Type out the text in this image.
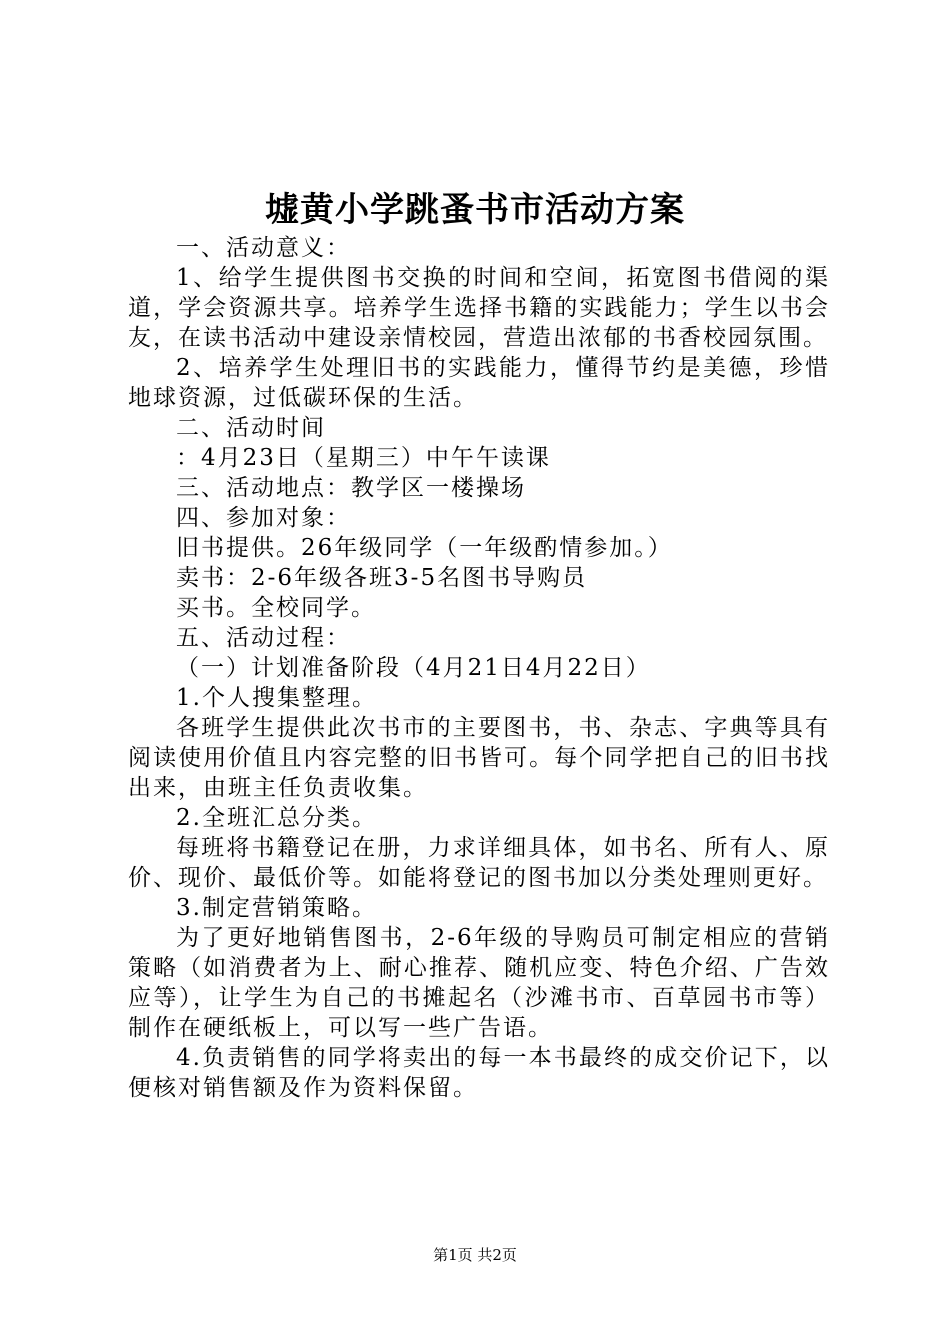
墟黄小学跳蚤书市活动方案

一、活动意义：

1、给学生提供图书交换的时间和空间，拓宽图书借阅的渠道，学会资源共享。培养学生选择书籍的实践能力；学生以书会友，在读书活动中建设亲情校园，营造出浓郁的书香校园氛围。

2、培养学生处理旧书的实践能力，懂得节约是美德，珍惜地球资源，过低碳环保的生活。

二、活动时间

：4月23日（星期三）中午午读课

三、活动地点：教学区一楼操场

四、参加对象：

旧书提供。26年级同学（一年级酌情参加。）

卖书：2-6年级各班3-5名图书导购员

买书。全校同学。

五、活动过程：

（一）计划准备阶段（4月21日4月22日）

1.个人搜集整理。

各班学生提供此次书市的主要图书，书、杂志、字典等具有阅读使用价值且内容完整的旧书皆可。每个同学把自己的旧书找出来，由班主任负责收集。

2.全班汇总分类。

每班将书籍登记在册，力求详细具体，如书名、所有人、原价、现价、最低价等。如能将登记的图书加以分类处理则更好。

3.制定营销策略。

为了更好地销售图书，2-6年级的导购员可制定相应的营销策略（如消费者为上、耐心推荐、随机应变、特色介绍、广告效应等），让学生为自己的书摊起名（沙滩书市、百草园书市等）制作在硬纸板上，可以写一些广告语。

4.负责销售的同学将卖出的每一本书最终的成交价记下，以便核对销售额及作为资料保留。

第1页 共2页
